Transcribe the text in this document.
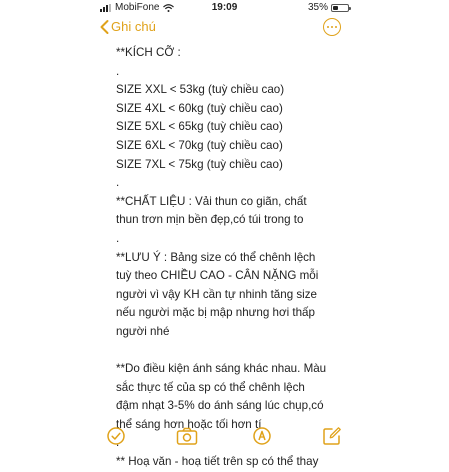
MobiFone	19:09	35%
Ghi chú
**KÍCH CỠ :
.
SIZE XXL < 53kg (tuỳ chiều cao)
SIZE 4XL < 60kg (tuỳ chiều cao)
SIZE 5XL < 65kg (tuỳ chiều cao)
SIZE 6XL < 70kg (tuỳ chiều cao)
SIZE 7XL < 75kg (tuỳ chiều cao)
.
**CHẤT LIỆU : Vải thun co giãn, chất
thun trơn mịn bền đẹp,có túi trong to
.
**LƯU Ý : Bảng size có thể chênh lệch
tuỳ theo CHIỀU CAO - CÂN NẶNG mỗi
người vì vậy KH cần tự nhinh tăng size
nếu người mặc bị mập nhưng hơi thấp
người nhé
**Do điều kiện ánh sáng khác nhau. Màu
sắc thực tế của sp có thể chênh lệch
đậm nhạt 3-5% do ánh sáng lúc chụp,có
thể sáng hơn hoặc tối hơn tí
.
** Hoạ văn - hoạ tiết trên sp có thể thay
